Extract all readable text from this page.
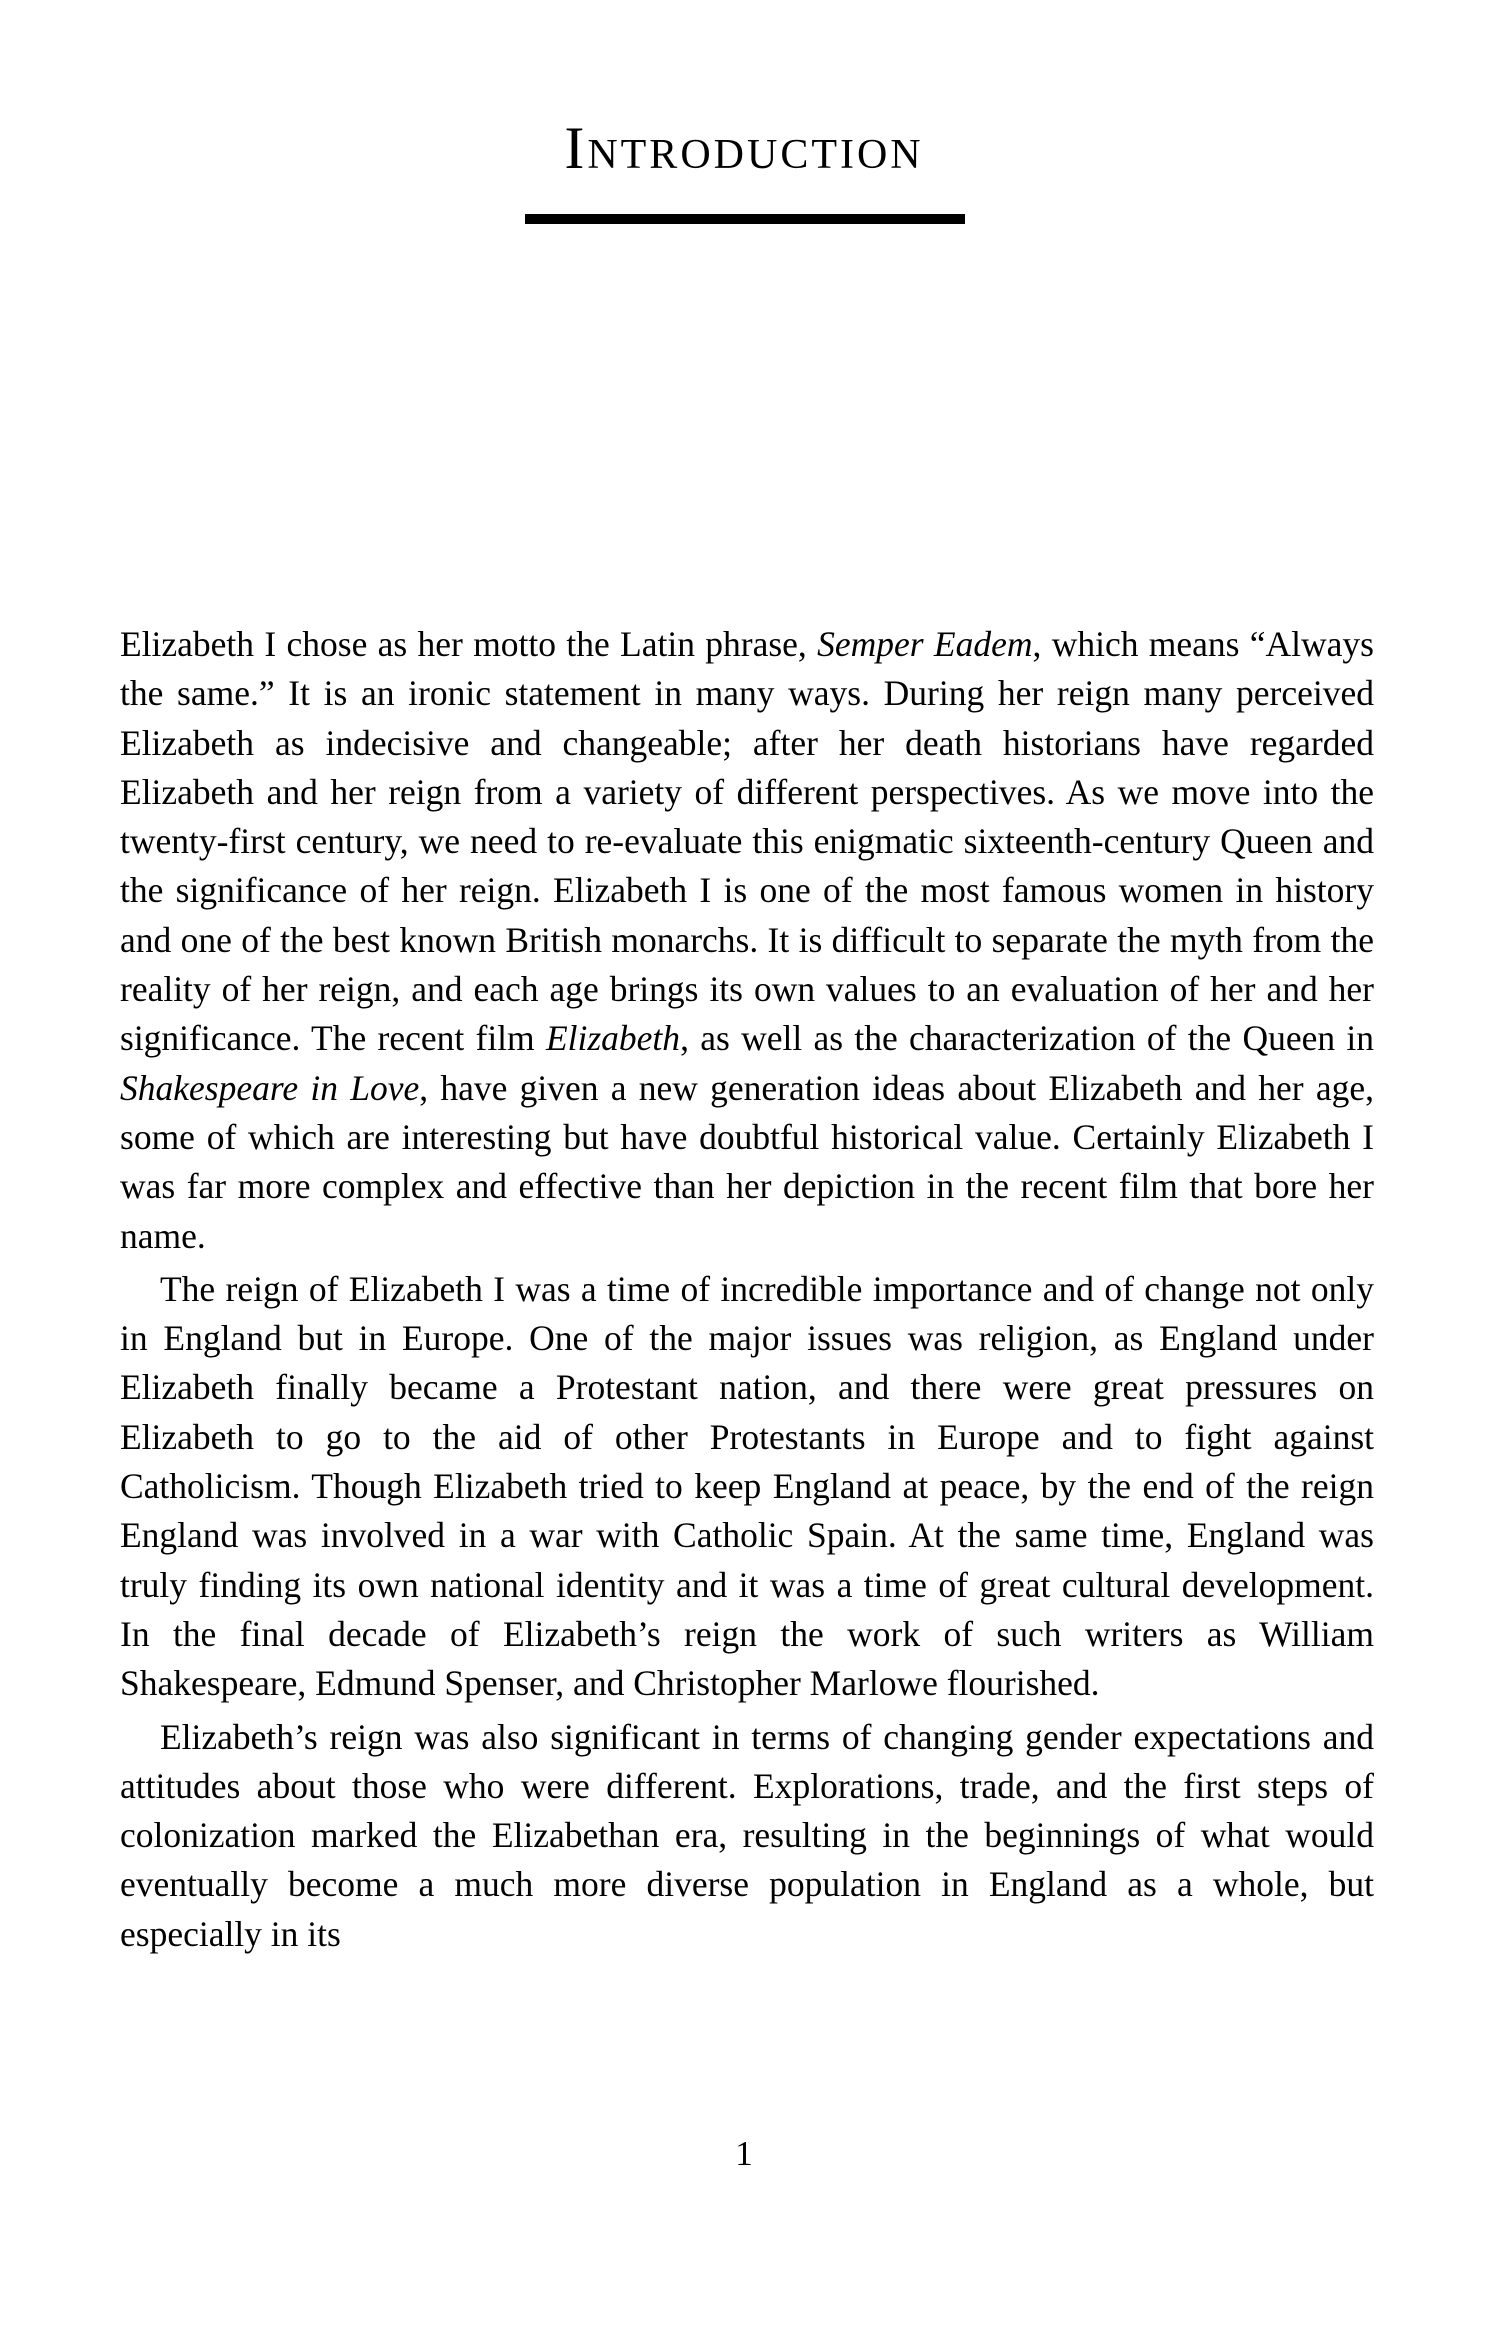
Introduction

Elizabeth I chose as her motto the Latin phrase, Semper Eadem, which means “Always the same.” It is an ironic statement in many ways. During her reign many perceived Elizabeth as indecisive and changeable; after her death historians have regarded Elizabeth and her reign from a variety of different perspectives. As we move into the twenty-first century, we need to re-evaluate this enigmatic sixteenth-century Queen and the significance of her reign. Elizabeth I is one of the most famous women in history and one of the best known British monarchs. It is difficult to separate the myth from the reality of her reign, and each age brings its own values to an evaluation of her and her significance. The recent film Elizabeth, as well as the characterization of the Queen in Shakespeare in Love, have given a new generation ideas about Elizabeth and her age, some of which are interesting but have doubtful historical value. Certainly Elizabeth I was far more complex and effective than her depiction in the recent film that bore her name.

The reign of Elizabeth I was a time of incredible importance and of change not only in England but in Europe. One of the major issues was religion, as England under Elizabeth finally became a Protestant nation, and there were great pressures on Elizabeth to go to the aid of other Protestants in Europe and to fight against Catholicism. Though Elizabeth tried to keep England at peace, by the end of the reign England was involved in a war with Catholic Spain. At the same time, England was truly finding its own national identity and it was a time of great cultural development. In the final decade of Elizabeth’s reign the work of such writers as William Shakespeare, Edmund Spenser, and Christopher Marlowe flourished.

Elizabeth’s reign was also significant in terms of changing gender expectations and attitudes about those who were different. Explorations, trade, and the first steps of colonization marked the Elizabethan era, resulting in the beginnings of what would eventually become a much more diverse population in England as a whole, but especially in its

1
